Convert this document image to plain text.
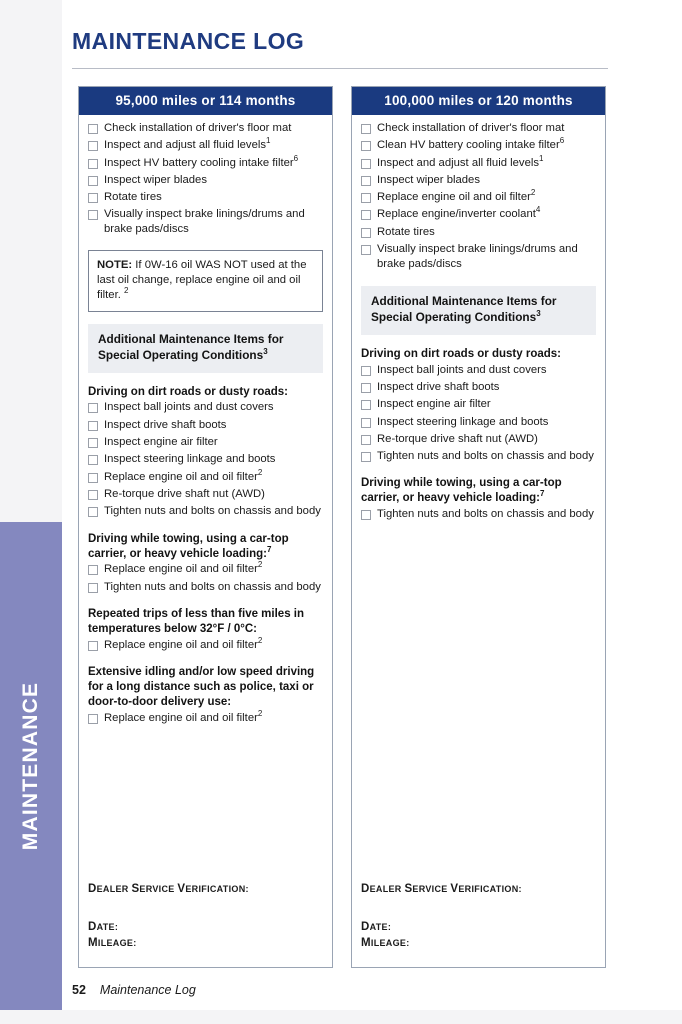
MAINTENANCE
MAINTENANCE LOG
95,000 miles or 114 months
Check installation of driver's floor mat
Inspect and adjust all fluid levels$^1$
Inspect HV battery cooling intake filter$^6$
Inspect wiper blades
Rotate tires
Visually inspect brake linings/drums and brake pads/discs
NOTE: If 0W-16 oil WAS NOT used at the last oil change, replace engine oil and oil filter. $^2$
Additional Maintenance Items for Special Operating Conditions$^3$
Driving on dirt roads or dusty roads:
Inspect ball joints and dust covers
Inspect drive shaft boots
Inspect engine air filter
Inspect steering linkage and boots
Replace engine oil and oil filter$^2$
Re-torque drive shaft nut (AWD)
Tighten nuts and bolts on chassis and body
Driving while towing, using a car-top carrier, or heavy vehicle loading:$^7$
Replace engine oil and oil filter$^2$
Tighten nuts and bolts on chassis and body
Repeated trips of less than five miles in temperatures below 32°F / 0°C:
Replace engine oil and oil filter$^2$
Extensive idling and/or low speed driving for a long distance such as police, taxi or door-to-door delivery use:
Replace engine oil and oil filter$^2$
DEALER SERVICE VERIFICATION:
DATE:
MILEAGE:
100,000 miles or 120 months
Check installation of driver's floor mat
Clean HV battery cooling intake filter$^6$
Inspect and adjust all fluid levels$^1$
Inspect wiper blades
Replace engine oil and oil filter$^2$
Replace engine/inverter coolant$^4$
Rotate tires
Visually inspect brake linings/drums and brake pads/discs
Additional Maintenance Items for Special Operating Conditions$^3$
Driving on dirt roads or dusty roads:
Inspect ball joints and dust covers
Inspect drive shaft boots
Inspect engine air filter
Inspect steering linkage and boots
Re-torque drive shaft nut (AWD)
Tighten nuts and bolts on chassis and body
Driving while towing, using a car-top carrier, or heavy vehicle loading:$^7$
Tighten nuts and bolts on chassis and body
DEALER SERVICE VERIFICATION:
DATE:
MILEAGE:
52 Maintenance Log
